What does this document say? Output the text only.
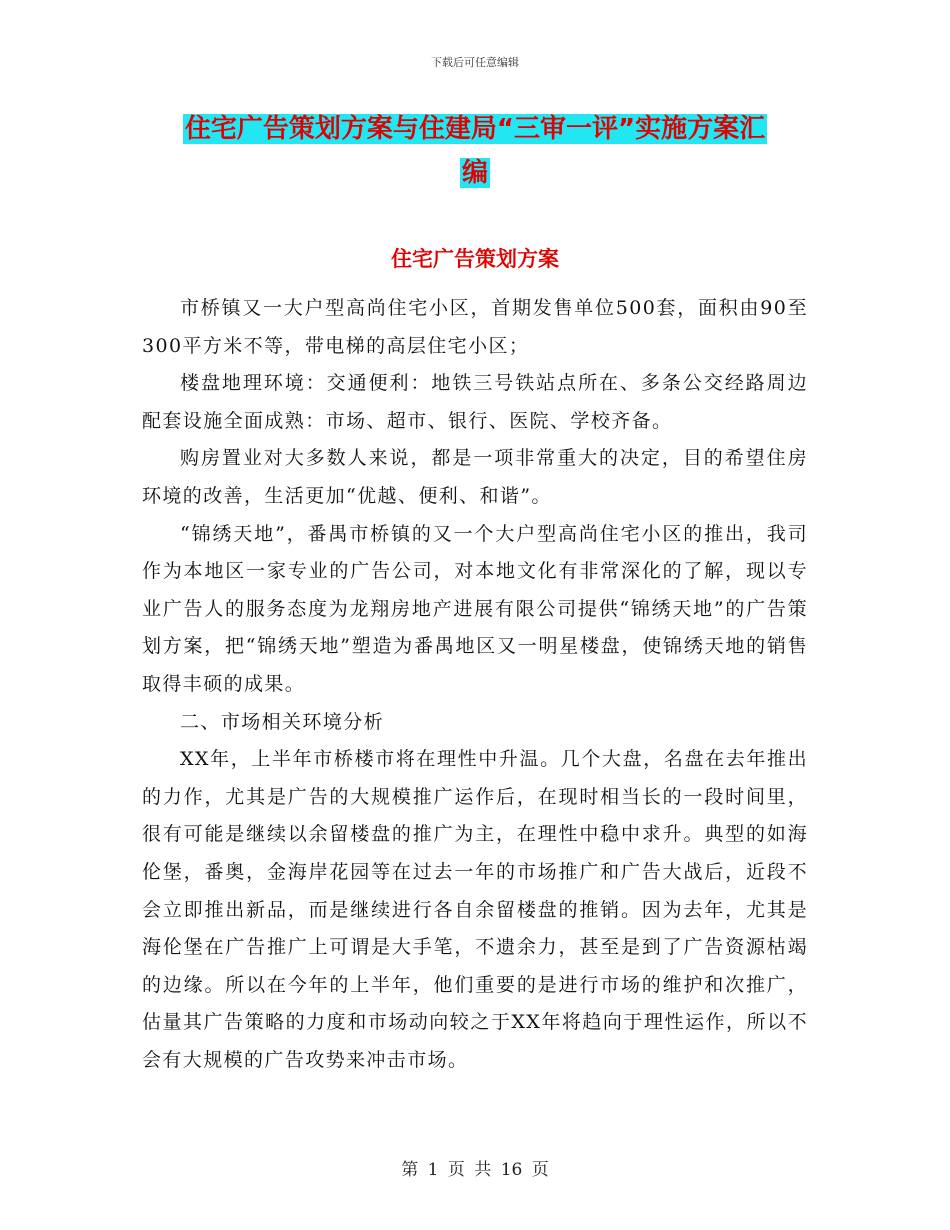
下载后可任意编辑
住宅广告策划方案与住建局“三审一评”实施方案汇
编
住宅广告策划方案

市桥镇又一大户型高尚住宅小区，首期发售单位500套，面积由90至300平方米不等，带电梯的高层住宅小区；

楼盘地理环境：交通便利：地铁三号铁站点所在、多条公交经路周边配套设施全面成熟：市场、超市、银行、医院、学校齐备。

购房置业对大多数人来说，都是一项非常重大的决定，目的希望住房环境的改善，生活更加“优越、便利、和谐”。

“锦绣天地”，番禺市桥镇的又一个大户型高尚住宅小区的推出，我司作为本地区一家专业的广告公司，对本地文化有非常深化的了解，现以专业广告人的服务态度为龙翔房地产进展有限公司提供“锦绣天地”的广告策划方案，把“锦绣天地”塑造为番禺地区又一明星楼盘，使锦绣天地的销售取得丰硕的成果。

二、市场相关环境分析

XX年，上半年市桥楼市将在理性中升温。几个大盘，名盘在去年推出的力作，尤其是广告的大规模推广运作后，在现时相当长的一段时间里，很有可能是继续以余留楼盘的推广为主，在理性中稳中求升。典型的如海伦堡，番奥，金海岸花园等在过去一年的市场推广和广告大战后，近段不会立即推出新品，而是继续进行各自余留楼盘的推销。因为去年，尤其是海伦堡在广告推广上可谓是大手笔，不遗余力，甚至是到了广告资源枯竭的边缘。所以在今年的上半年，他们重要的是进行市场的维护和次推广，估量其广告策略的力度和市场动向较之于XX年将趋向于理性运作，所以不会有大规模的广告攻势来冲击市场。

第 1 页 共 16 页
